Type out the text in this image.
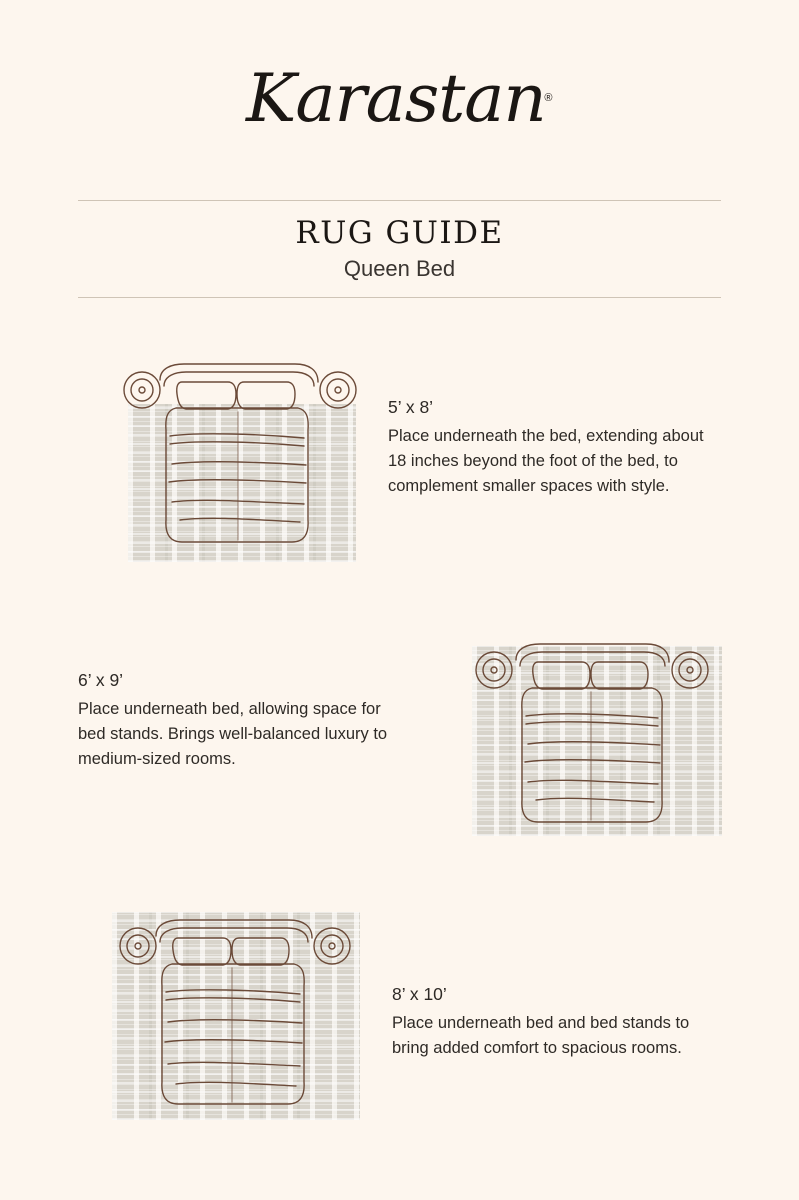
Karastan®
RUG GUIDE
Queen Bed
5’ x 8’
Place underneath the bed, extending about 18 inches beyond the foot of the bed, to complement smaller spaces with style.
6’ x 9’
Place underneath bed, allowing space for bed stands. Brings well-balanced luxury to medium-sized rooms.
8’ x 10’
Place underneath bed and bed stands to bring added comfort to spacious rooms.
